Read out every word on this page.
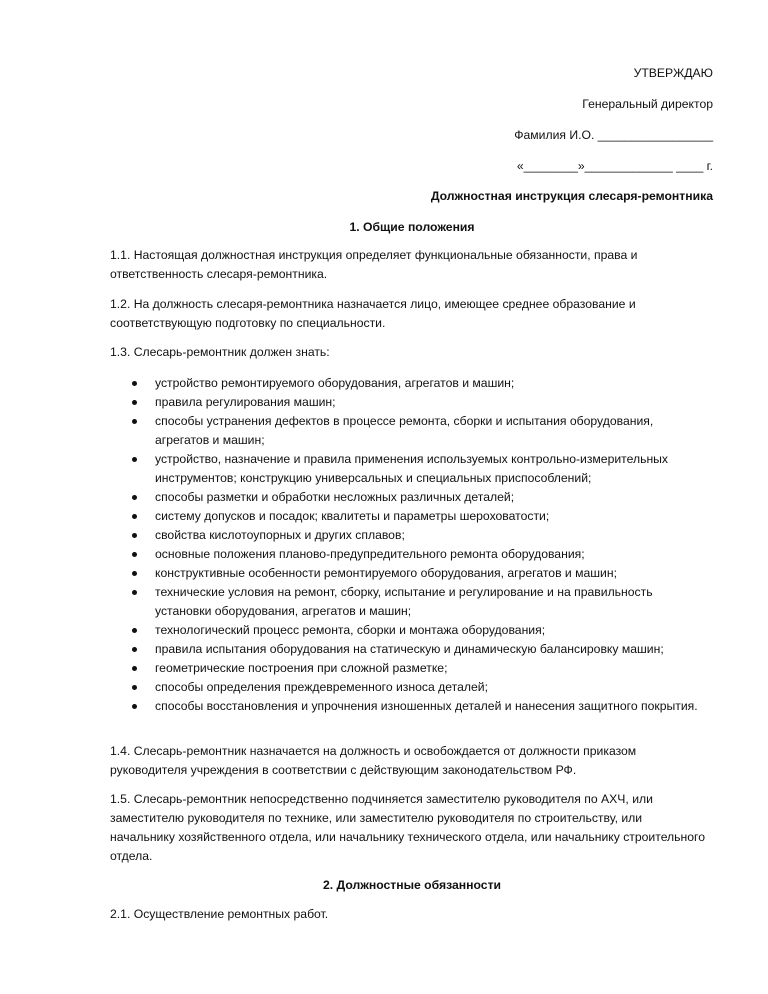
УТВЕРЖДАЮ
Генеральный директор
Фамилия И.О. _________________
«________»_____________ ____ г.
Должностная инструкция слесаря-ремонтника
1. Общие положения
1.1. Настоящая должностная инструкция определяет функциональные обязанности, права и ответственность слесаря-ремонтника.
1.2. На должность слесаря-ремонтника назначается лицо, имеющее среднее образование и соответствующую подготовку по специальности.
1.3. Слесарь-ремонтник должен знать:
устройство ремонтируемого оборудования, агрегатов и машин;
правила регулирования машин;
способы устранения дефектов в процессе ремонта, сборки и испытания оборудования, агрегатов и машин;
устройство, назначение и правила применения используемых контрольно-измерительных инструментов; конструкцию универсальных и специальных приспособлений;
способы разметки и обработки несложных различных деталей;
систему допусков и посадок; квалитеты и параметры шероховатости;
свойства кислотоупорных и других сплавов;
основные положения планово-предупредительного ремонта оборудования;
конструктивные особенности ремонтируемого оборудования, агрегатов и машин;
технические условия на ремонт, сборку, испытание и регулирование и на правильность установки оборудования, агрегатов и машин;
технологический процесс ремонта, сборки и монтажа оборудования;
правила испытания оборудования на статическую и динамическую балансировку машин;
геометрические построения при сложной разметке;
способы определения преждевременного износа деталей;
способы восстановления и упрочнения изношенных деталей и нанесения защитного покрытия.
1.4. Слесарь-ремонтник назначается на должность и освобождается от должности приказом руководителя учреждения в соответствии с действующим законодательством РФ.
1.5. Слесарь-ремонтник непосредственно подчиняется заместителю руководителя по АХЧ, или заместителю руководителя по технике, или заместителю руководителя по строительству, или начальнику хозяйственного отдела, или начальнику технического отдела, или начальнику строительного отдела.
2. Должностные обязанности
2.1. Осуществление ремонтных работ.
